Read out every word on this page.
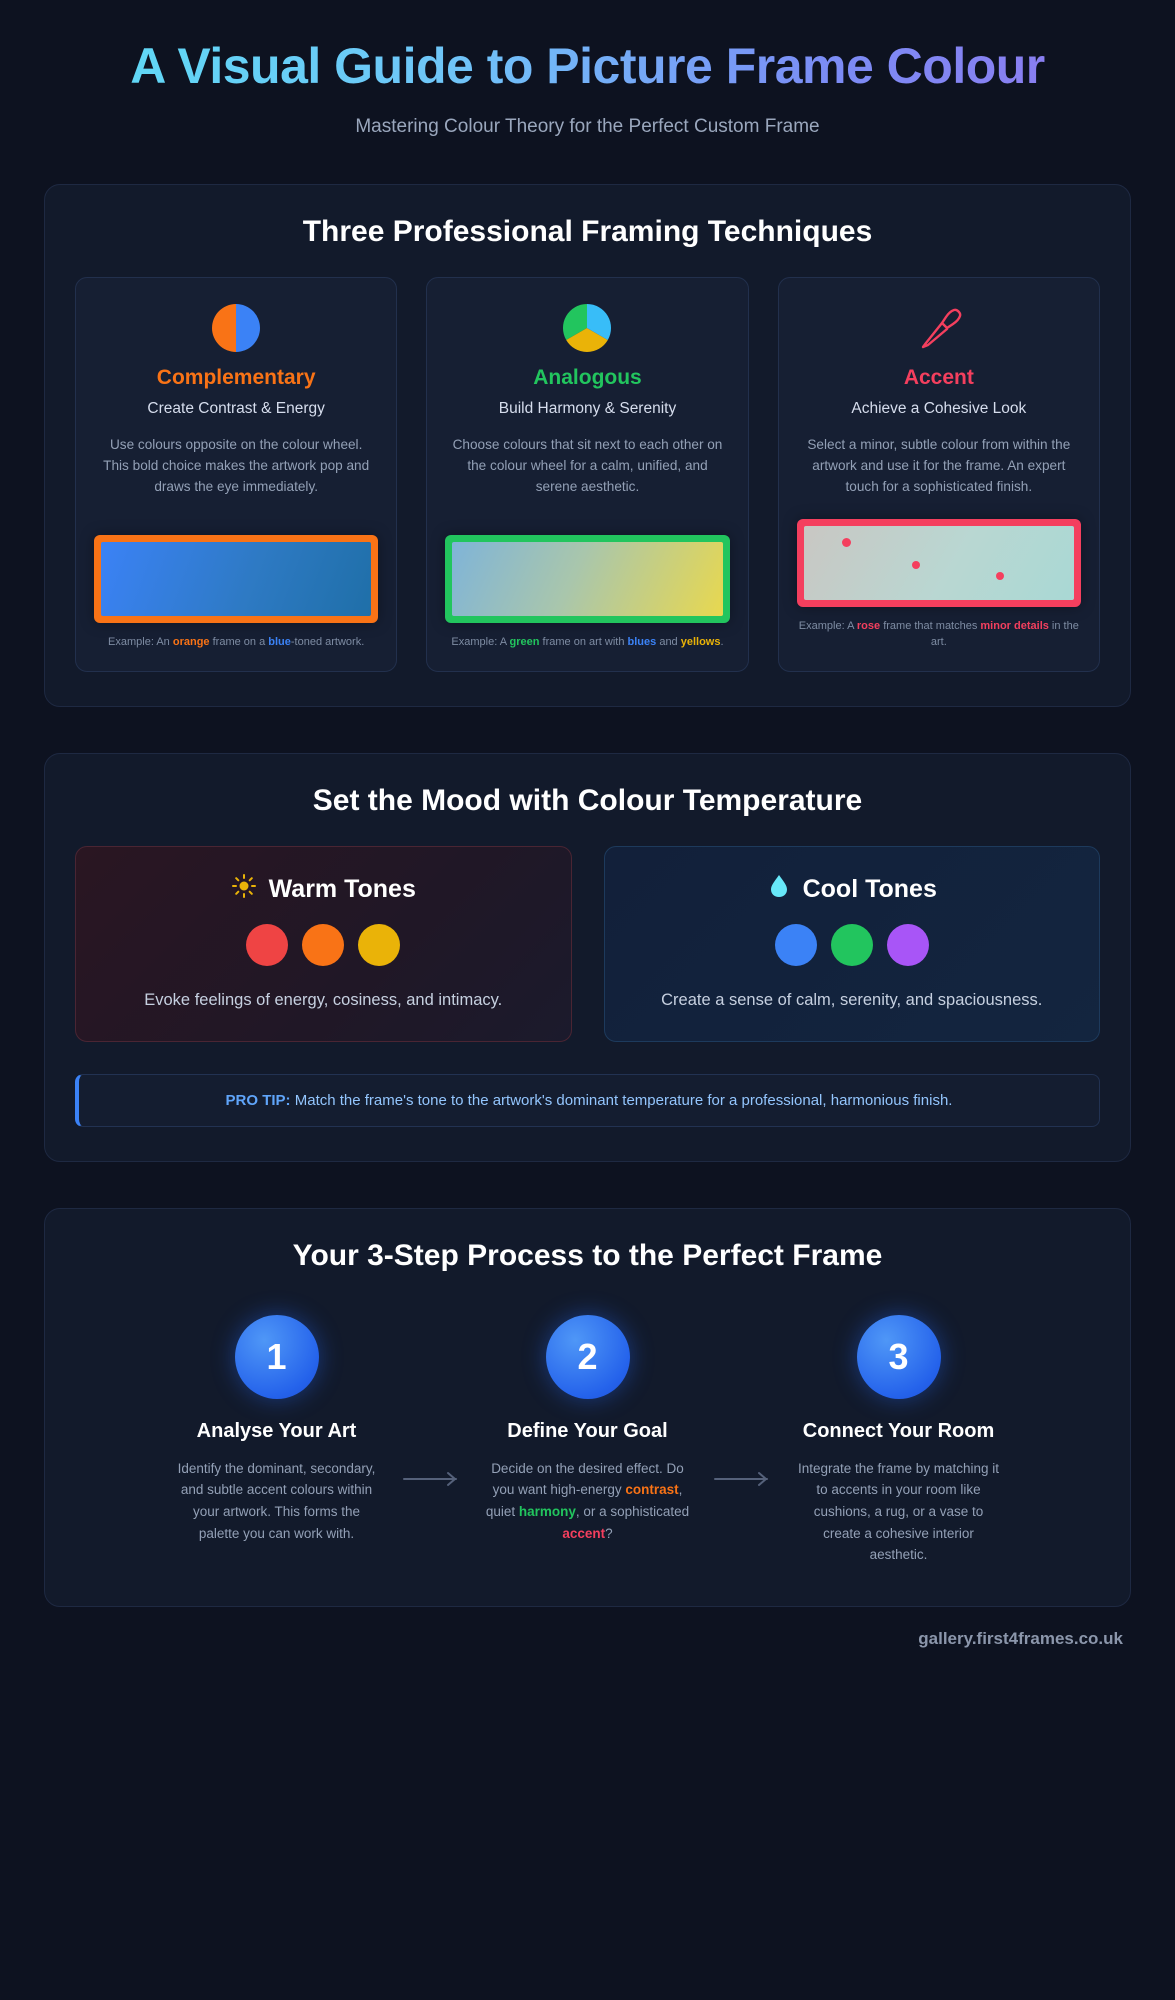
A Visual Guide to Picture Frame Colour
Mastering Colour Theory for the Perfect Custom Frame
Three Professional Framing Techniques
Complementary
Create Contrast & Energy
Use colours opposite on the colour wheel. This bold choice makes the artwork pop and draws the eye immediately.
Example: An orange frame on a blue-toned artwork.
Analogous
Build Harmony & Serenity
Choose colours that sit next to each other on the colour wheel for a calm, unified, and serene aesthetic.
Example: A green frame on art with blues and yellows.
Accent
Achieve a Cohesive Look
Select a minor, subtle colour from within the artwork and use it for the frame. An expert touch for a sophisticated finish.
Example: A rose frame that matches minor details in the art.
Set the Mood with Colour Temperature
Warm Tones
Evoke feelings of energy, cosiness, and intimacy.
Cool Tones
Create a sense of calm, serenity, and spaciousness.
PRO TIP: Match the frame's tone to the artwork's dominant temperature for a professional, harmonious finish.
Your 3-Step Process to the Perfect Frame
1
Analyse Your Art
Identify the dominant, secondary, and subtle accent colours within your artwork. This forms the palette you can work with.
2
Define Your Goal
Decide on the desired effect. Do you want high-energy contrast, quiet harmony, or a sophisticated accent?
3
Connect Your Room
Integrate the frame by matching it to accents in your room like cushions, a rug, or a vase to create a cohesive interior aesthetic.
gallery.first4frames.co.uk
